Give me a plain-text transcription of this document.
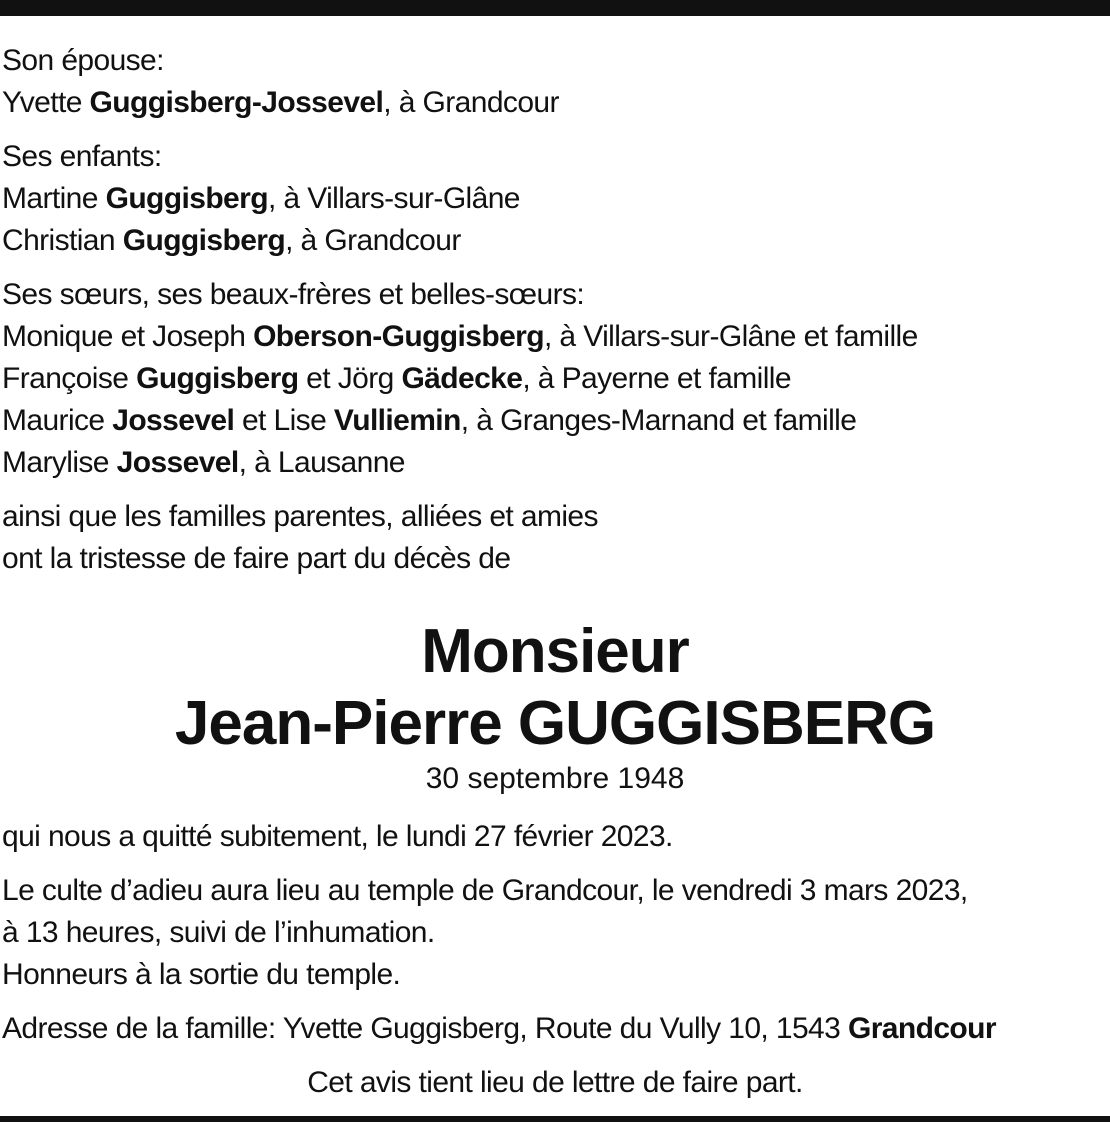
Son épouse:
Yvette Guggisberg-Jossevel, à Grandcour
Ses enfants:
Martine Guggisberg, à Villars-sur-Glâne
Christian Guggisberg, à Grandcour
Ses sœurs, ses beaux-frères et belles-sœurs:
Monique et Joseph Oberson-Guggisberg, à Villars-sur-Glâne et famille
Françoise Guggisberg et Jörg Gädecke, à Payerne et famille
Maurice Jossevel et Lise Vulliemin, à Granges-Marnand et famille
Marylise Jossevel, à Lausanne
ainsi que les familles parentes, alliées et amies
ont la tristesse de faire part du décès de
Monsieur
Jean-Pierre GUGGISBERG
30 septembre 1948
qui nous a quitté subitement, le lundi 27 février 2023.
Le culte d’adieu aura lieu au temple de Grandcour, le vendredi 3 mars 2023,
à 13 heures, suivi de l’inhumation.
Honneurs à la sortie du temple.
Adresse de la famille: Yvette Guggisberg, Route du Vully 10, 1543 Grandcour
Cet avis tient lieu de lettre de faire part.
